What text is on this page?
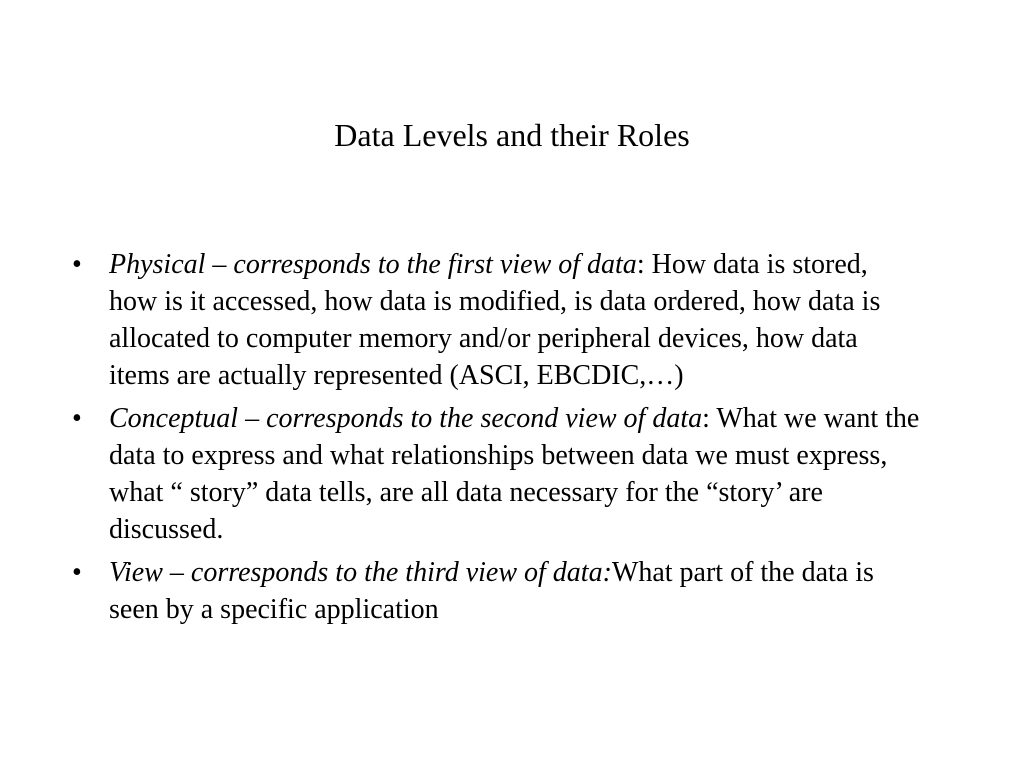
Data Levels and their Roles
• Physical – corresponds to the first view of data: How data is stored, how is it accessed, how data is modified, is data ordered, how data is allocated to computer memory and/or peripheral devices, how data items are actually represented (ASCI, EBCDIC,…)
• Conceptual – corresponds to the second view of data: What we want the data to express and what relationships between data we must express, what “ story” data tells, are all data necessary for the “story’ are discussed.
• View – corresponds to the third view of data:What part of the data is seen by a specific application
